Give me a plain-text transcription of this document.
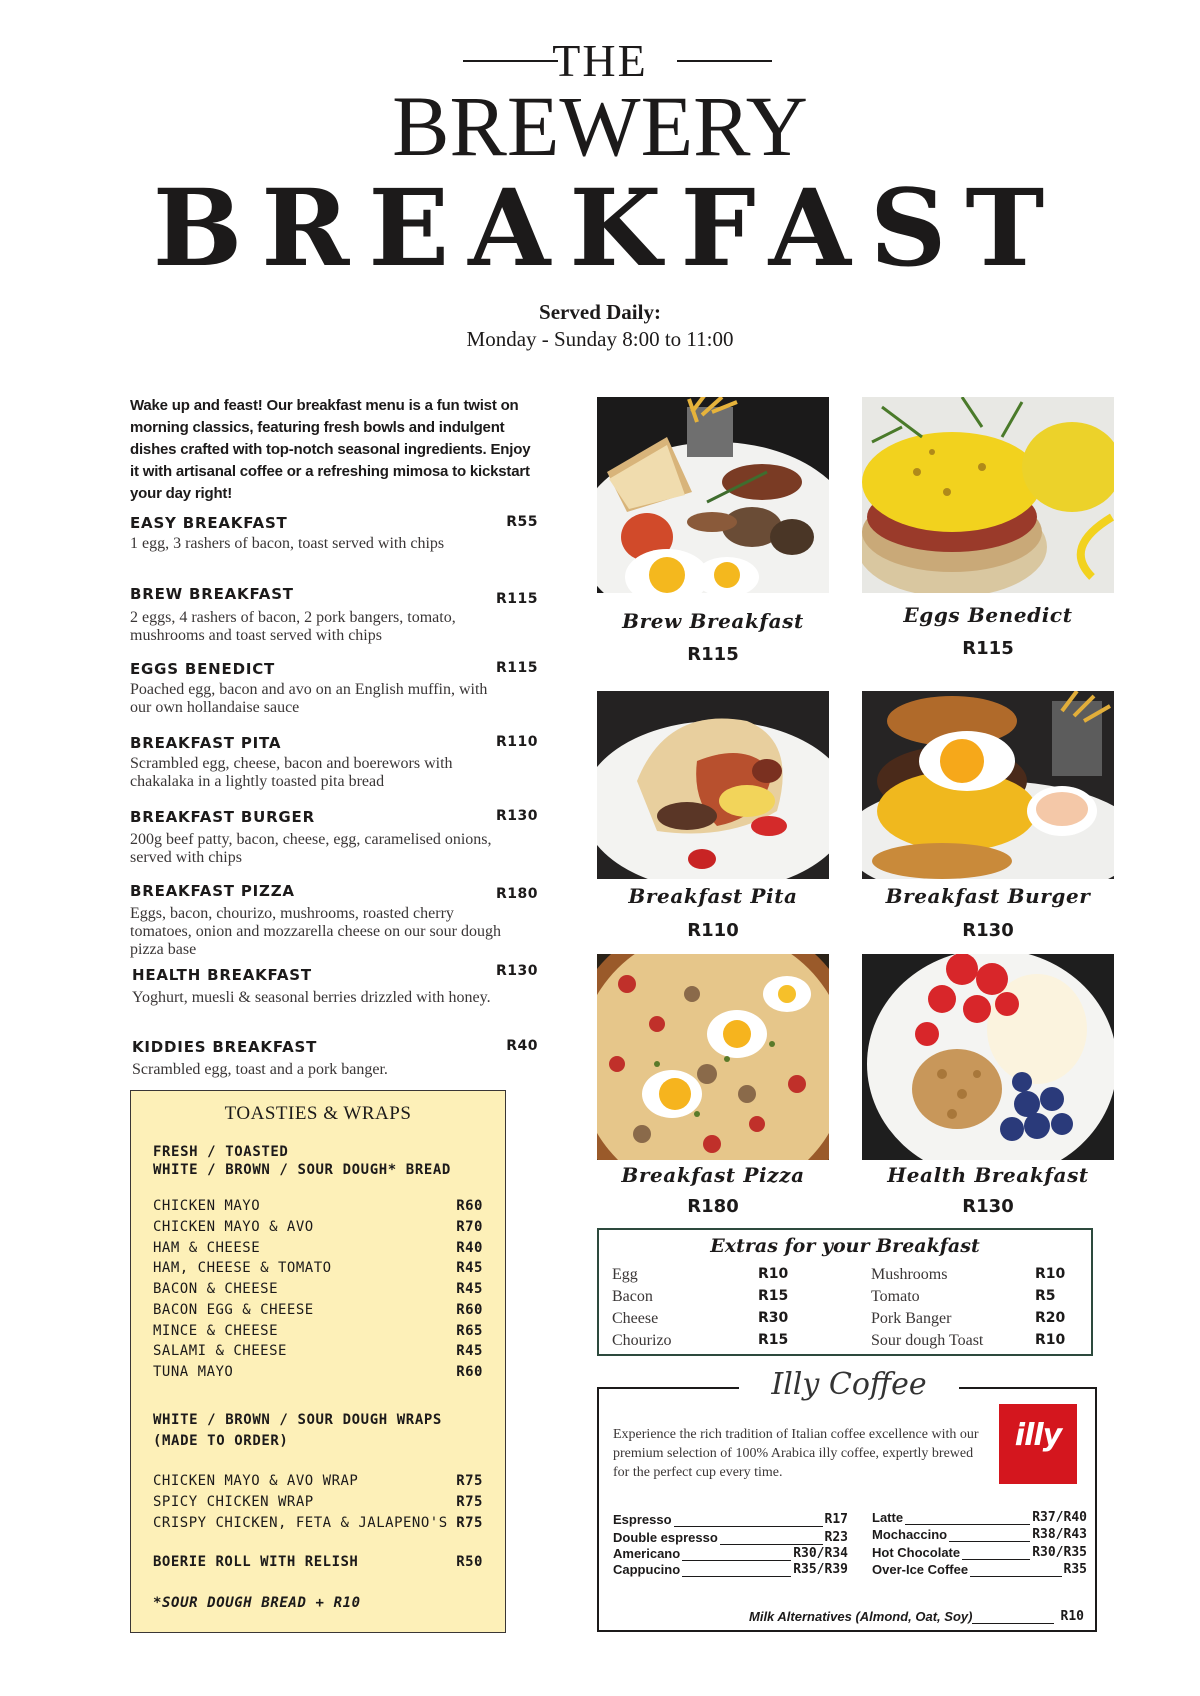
THE
BREWERY
BREAKFAST
Served Daily:
Monday - Sunday 8:00 to 11:00
Wake up and feast! Our breakfast menu is a fun twist on morning classics, featuring fresh bowls and indulgent dishes crafted with top-notch seasonal ingredients. Enjoy it with artisanal coffee or a refreshing mimosa to kickstart your day right!
EASY BREAKFAST	R55
1 egg, 3 rashers of bacon, toast served with chips
BREW BREAKFAST	R115
2 eggs, 4 rashers of bacon, 2 pork bangers, tomato, mushrooms and toast served with chips
EGGS BENEDICT	R115
Poached egg, bacon and avo on an English muffin, with our own hollandaise sauce
BREAKFAST PITA	R110
Scrambled egg, cheese, bacon and boerewors with chakalaka in a lightly toasted pita bread
BREAKFAST BURGER	R130
200g beef patty, bacon, cheese, egg, caramelised onions, served with chips
BREAKFAST PIZZA	R180
Eggs, bacon, chourizo, mushrooms, roasted cherry tomatoes, onion and mozzarella cheese on our sour dough pizza base
HEALTH BREAKFAST	R130
Yoghurt, muesli & seasonal berries drizzled with honey.
KIDDIES BREAKFAST	R40
Scrambled egg, toast and a pork banger.
TOASTIES & WRAPS
FRESH / TOASTED
WHITE / BROWN / SOUR DOUGH* BREAD
CHICKEN MAYO	R60
CHICKEN MAYO & AVO	R70
HAM & CHEESE	R40
HAM, CHEESE & TOMATO	R45
BACON & CHEESE	R45
BACON EGG & CHEESE	R60
MINCE & CHEESE	R65
SALAMI & CHEESE	R45
TUNA MAYO	R60
WHITE / BROWN / SOUR DOUGH WRAPS
(MADE TO ORDER)
CHICKEN MAYO & AVO WRAP	R75
SPICY CHICKEN WRAP	R75
CRISPY CHICKEN, FETA & JALAPENO'S R75
BOERIE ROLL WITH RELISH	R50
*SOUR DOUGH BREAD + R10
Brew Breakfast
R115
Eggs Benedict
R115
Breakfast Pita
R110
Breakfast Burger
R130
Breakfast Pizza
R180
Health Breakfast
R130
Extras for your Breakfast
Egg	R10
Bacon	R15
Cheese	R30
Chourizo	R15
Mushrooms	R10
Tomato	R5
Pork Banger	R20
Sour dough Toast	R10
Illy Coffee
Experience the rich tradition of Italian coffee excellence with our premium selection of 100% Arabica illy coffee, expertly brewed for the perfect cup every time.
illy
Espresso	R17
Double espresso	R23
Americano	R30/R34
Cappucino	R35/R39
Latte	R37/R40
Mochaccino	R38/R43
Hot Chocolate	R30/R35
Over-Ice Coffee	R35
Milk Alternatives (Almond, Oat, Soy)	R10
